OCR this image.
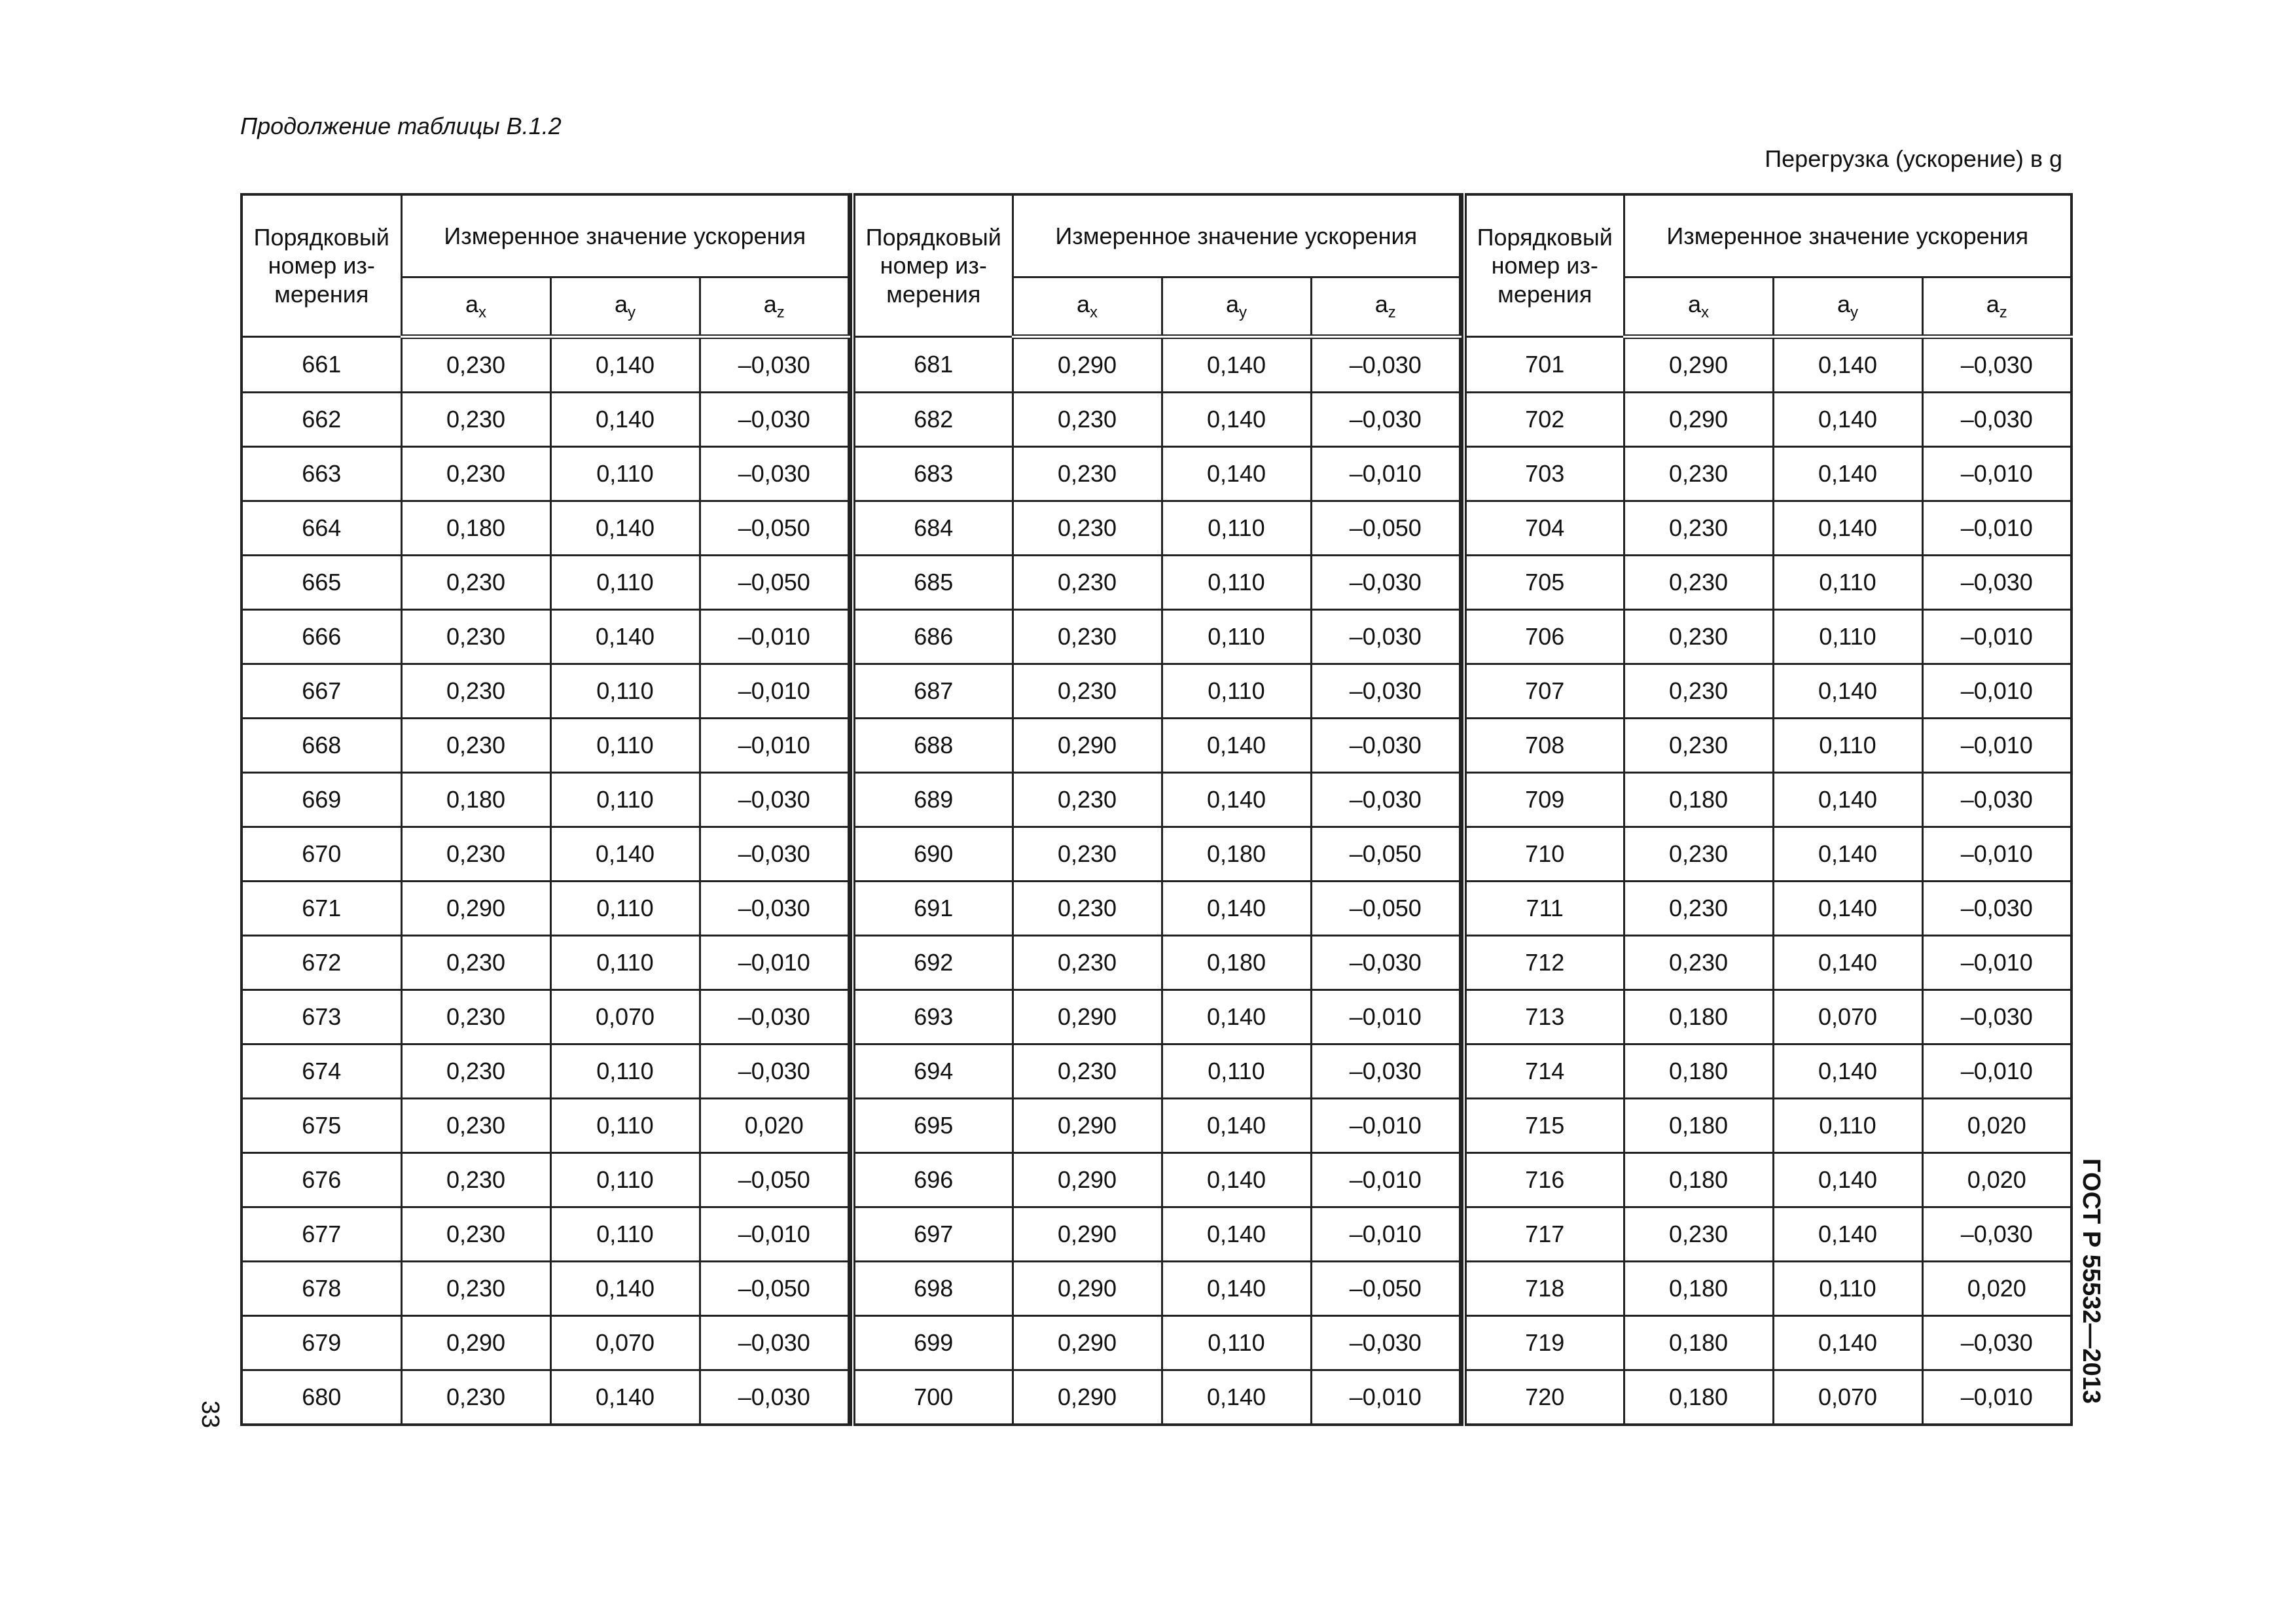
Продолжение таблицы В.1.2
Перегрузка (ускорение) в g
Порядковый номер из-мерения	Измеренное значение ускорения		
	$a_x$	$a_y$	$a_z$
661	0,230	0,140	–0,030
662	0,230	0,140	–0,030
663	0,230	0,110	–0,030
664	0,180	0,140	–0,050
665	0,230	0,110	–0,050
666	0,230	0,140	–0,010
667	0,230	0,110	–0,010
668	0,230	0,110	–0,010
669	0,180	0,110	–0,030
670	0,230	0,140	–0,030
671	0,290	0,110	–0,030
672	0,230	0,110	–0,010
673	0,230	0,070	–0,030
674	0,230	0,110	–0,030
675	0,230	0,110	0,020
676	0,230	0,110	–0,050
677	0,230	0,110	–0,010
678	0,230	0,140	–0,050
679	0,290	0,070	–0,030
680	0,230	0,140	–0,030
Порядковый номер из-мерения	Измеренное значение ускорения		
	$a_x$	$a_y$	$a_z$
681	0,290	0,140	–0,030
682	0,230	0,140	–0,030
683	0,230	0,140	–0,010
684	0,230	0,110	–0,050
685	0,230	0,110	–0,030
686	0,230	0,110	–0,030
687	0,230	0,110	–0,030
688	0,290	0,140	–0,030
689	0,230	0,140	–0,030
690	0,230	0,180	–0,050
691	0,230	0,140	–0,050
692	0,230	0,180	–0,030
693	0,290	0,140	–0,010
694	0,230	0,110	–0,030
695	0,290	0,140	–0,010
696	0,290	0,140	–0,010
697	0,290	0,140	–0,010
698	0,290	0,140	–0,050
699	0,290	0,110	–0,030
700	0,290	0,140	–0,010
Порядковый номер из-мерения	Измеренное значение ускорения		
	$a_x$	$a_y$	$a_z$
701	0,290	0,140	–0,030
702	0,290	0,140	–0,030
703	0,230	0,140	–0,010
704	0,230	0,140	–0,010
705	0,230	0,110	–0,030
706	0,230	0,110	–0,010
707	0,230	0,140	–0,010
708	0,230	0,110	–0,010
709	0,180	0,140	–0,030
710	0,230	0,140	–0,010
711	0,230	0,140	–0,030
712	0,230	0,140	–0,010
713	0,180	0,070	–0,030
714	0,180	0,140	–0,010
715	0,180	0,110	0,020
716	0,180	0,140	0,020
717	0,230	0,140	–0,030
718	0,180	0,110	0,020
719	0,180	0,140	–0,030
720	0,180	0,070	–0,010 ГОСТ Р 55532—2013
33
